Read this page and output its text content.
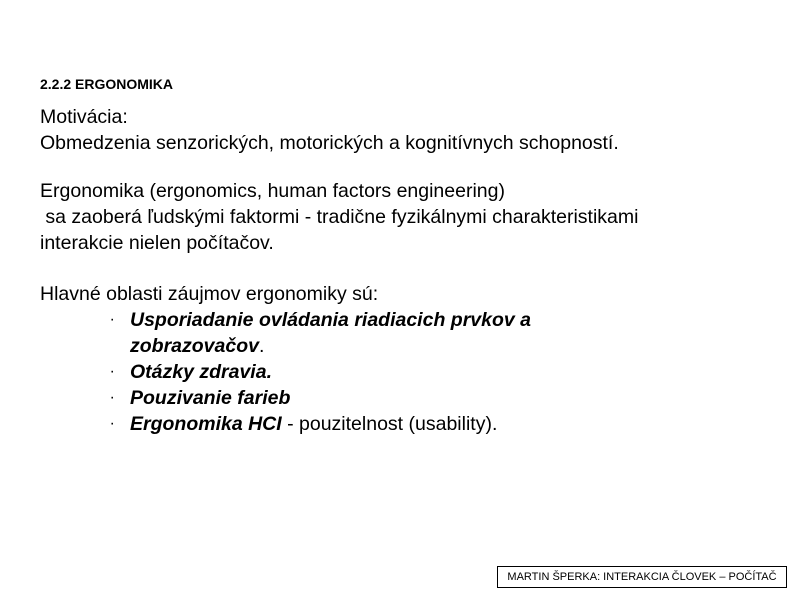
2.2.2 ERGONOMIKA
Motivácia:
Obmedzenia senzorických, motorických a kognitívnych schopností.
Ergonomika (ergonomics, human factors engineering)
sa zaoberá ľudskými faktormi - tradične fyzikálnymi charakteristikami
interakcie nielen počítačov.
Hlavné oblasti záujmov ergonomiky sú:
∙ Usporiadanie ovládania riadiacich prvkov a
zobrazovačov.
∙ Otázky zdravia.
∙ Pouzivanie farieb
∙ Ergonomika HCI - pouzitelnost (usability).
MARTIN ŠPERKA: INTERAKCIA ČLOVEK – POČÍTAČ
